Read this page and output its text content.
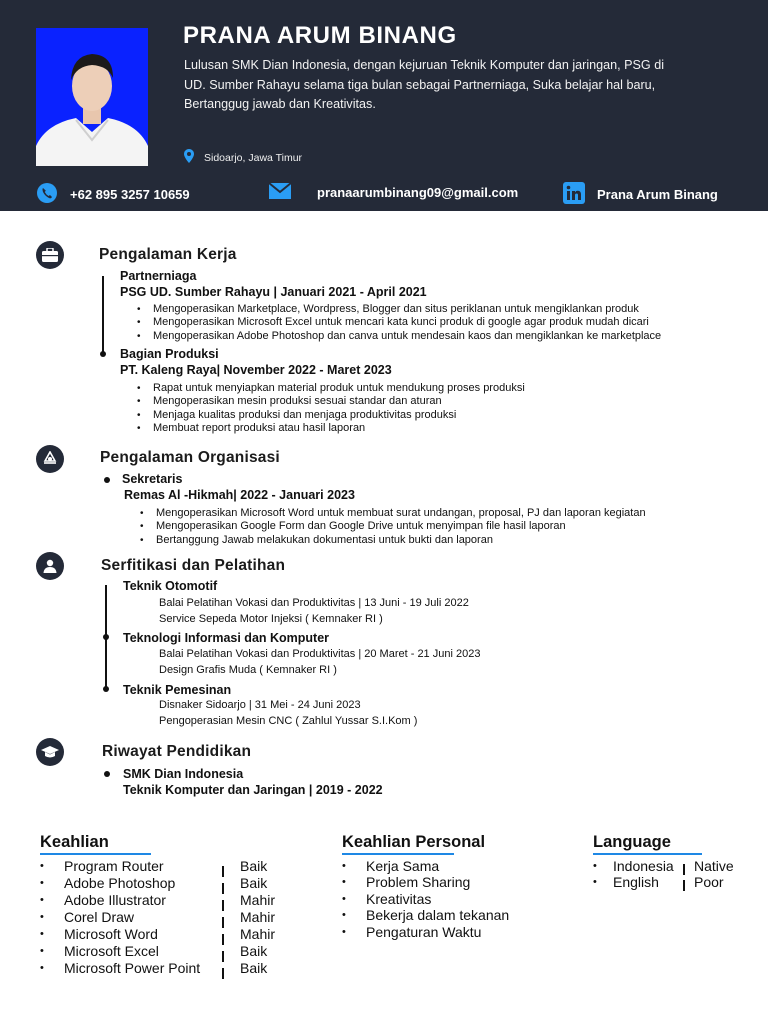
PRANA ARUM BINANG
Lulusan SMK Dian Indonesia, dengan kejuruan Teknik Komputer dan jaringan, PSG di UD. Sumber Rahayu selama tiga bulan sebagai Partnerniaga, Suka belajar hal baru, Bertanggug jawab dan Kreativitas.
Sidoarjo, Jawa Timur
+62 895 3257 10659	pranaarumbinang09@gmail.com	Prana Arum Binang
Pengalaman Kerja
Partnerniaga
PSG UD. Sumber Rahayu | Januari 2021 - April 2021
• Mengoperasikan Marketplace, Wordpress, Blogger dan situs periklanan untuk mengiklankan produk
• Mengoperasikan Microsoft Excel untuk mencari kata kunci produk di google agar produk mudah dicari
• Mengoperasikan Adobe Photoshop dan canva untuk mendesain kaos dan mengiklankan ke marketplace
Bagian Produksi
PT. Kaleng Raya| November 2022 - Maret 2023
• Rapat untuk menyiapkan material produk untuk mendukung proses produksi
• Mengoperasikan mesin produksi sesuai standar dan aturan
• Menjaga kualitas produksi dan menjaga produktivitas produksi
• Membuat report produksi atau hasil laporan
Pengalaman Organisasi
Sekretaris
Remas Al -Hikmah| 2022 - Januari 2023
• Mengoperasikan Microsoft Word untuk membuat surat undangan, proposal, PJ dan laporan kegiatan
• Mengoperasikan Google Form dan Google Drive untuk menyimpan file hasil laporan
• Bertanggung Jawab melakukan dokumentasi untuk bukti dan laporan
Serfitikasi dan Pelatihan
Teknik Otomotif
Balai Pelatihan Vokasi dan Produktivitas | 13 Juni - 19 Juli 2022
Service Sepeda Motor Injeksi ( Kemnaker RI )
Teknologi Informasi dan Komputer
Balai Pelatihan Vokasi dan Produktivitas | 20 Maret - 21 Juni 2023
Design Grafis Muda ( Kemnaker RI )
Teknik Pemesinan
Disnaker Sidoarjo | 31 Mei - 24 Juni 2023
Pengoperasian Mesin CNC ( Zahlul Yussar S.I.Kom )
Riwayat Pendidikan
SMK Dian Indonesia
Teknik Komputer dan Jaringan | 2019 - 2022
Keahlian
• Program Router
• Adobe Photoshop
• Adobe Illustrator
• Corel Draw
• Microsoft Word
• Microsoft Excel
• Microsoft Power Point
Baik
Baik
Mahir
Mahir
Mahir
Baik
Baik
Keahlian Personal
• Kerja Sama
• Problem Sharing
• Kreativitas
• Bekerja dalam tekanan
• Pengaturan Waktu
Language
• Indonesia
• English
Native
Poor
